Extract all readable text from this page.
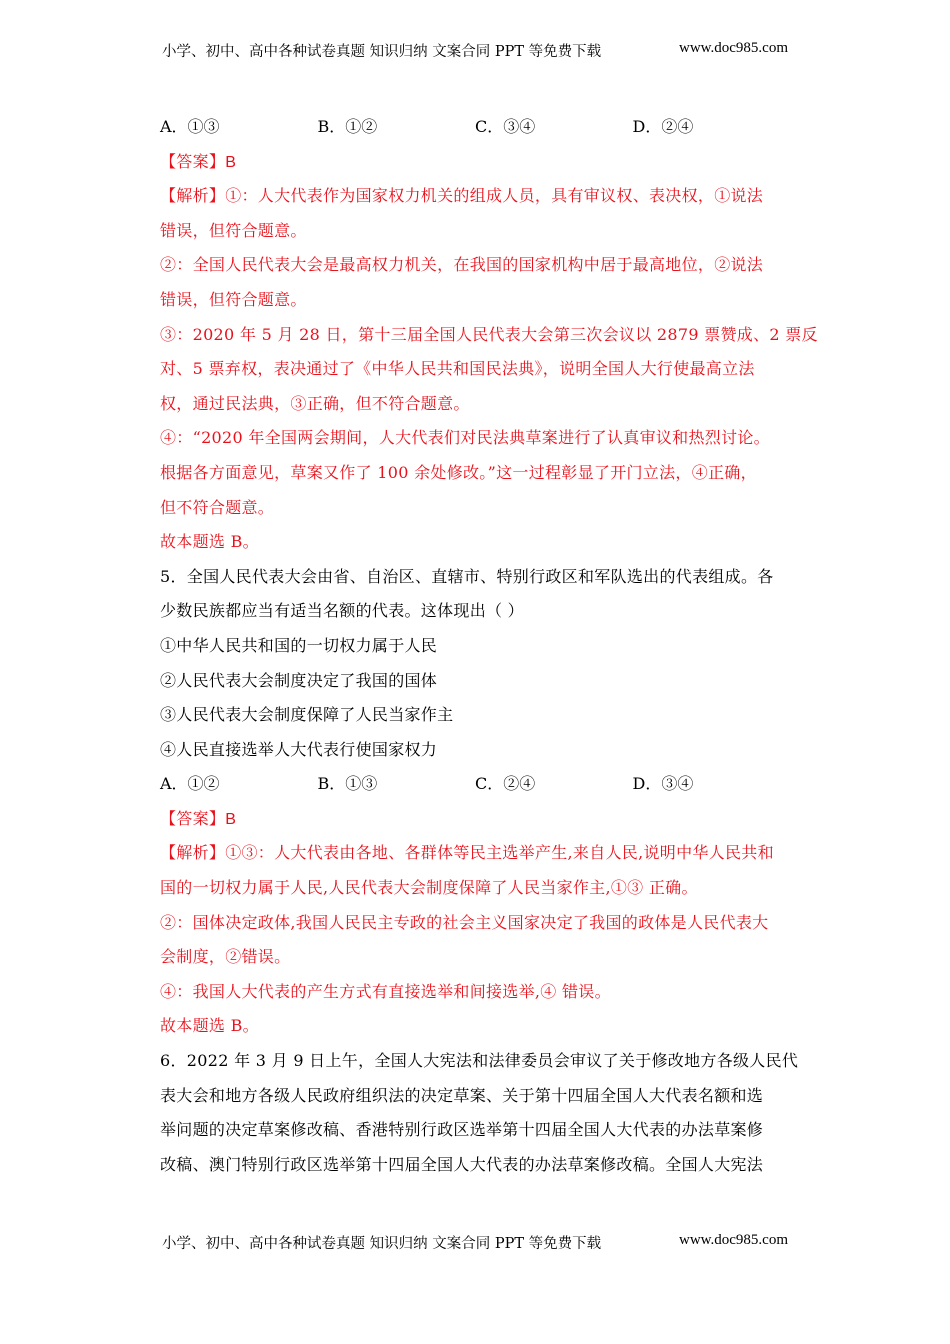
小学、初中、高中各种试卷真题 知识归纳 文案合同 PPT 等免费下载	www.doc985.com
A．①③	B．①②	C．③④	D．②④
【答案】B
【解析】①：人大代表作为国家权力机关的组成人员，具有审议权、表决权，①说法
错误，但符合题意。
②：全国人民代表大会是最高权力机关，在我国的国家机构中居于最高地位，②说法
错误，但符合题意。
③：2020 年 5 月 28 日，第十三届全国人民代表大会第三次会议以 2879 票赞成、2 票反
对、5 票弃权，表决通过了《中华人民共和国民法典》，说明全国人大行使最高立法
权，通过民法典，③正确，但不符合题意。
④：“2020 年全国两会期间，人大代表们对民法典草案进行了认真审议和热烈讨论。
根据各方面意见，草案又作了 100 余处修改。”这一过程彰显了开门立法，④正确，
但不符合题意。
故本题选 B。
5．全国人民代表大会由省、自治区、直辖市、特别行政区和军队选出的代表组成。各
少数民族都应当有适当名额的代表。这体现出（ ）
①中华人民共和国的一切权力属于人民
②人民代表大会制度决定了我国的国体
③人民代表大会制度保障了人民当家作主
④人民直接选举人大代表行使国家权力
A．①②	B．①③	C．②④	D．③④
【答案】B
【解析】①③：人大代表由各地、各群体等民主选举产生,来自人民,说明中华人民共和
国的一切权力属于人民,人民代表大会制度保障了人民当家作主,①③ 正确。
②：国体决定政体,我国人民民主专政的社会主义国家决定了我国的政体是人民代表大
会制度，②错误。
④：我国人大代表的产生方式有直接选举和间接选举,④ 错误。
故本题选 B。
6．2022 年 3 月 9 日上午，全国人大宪法和法律委员会审议了关于修改地方各级人民代
表大会和地方各级人民政府组织法的决定草案、关于第十四届全国人大代表名额和选
举问题的决定草案修改稿、香港特别行政区选举第十四届全国人大代表的办法草案修
改稿、澳门特别行政区选举第十四届全国人大代表的办法草案修改稿。全国人大宪法
小学、初中、高中各种试卷真题 知识归纳 文案合同 PPT 等免费下载	www.doc985.com
